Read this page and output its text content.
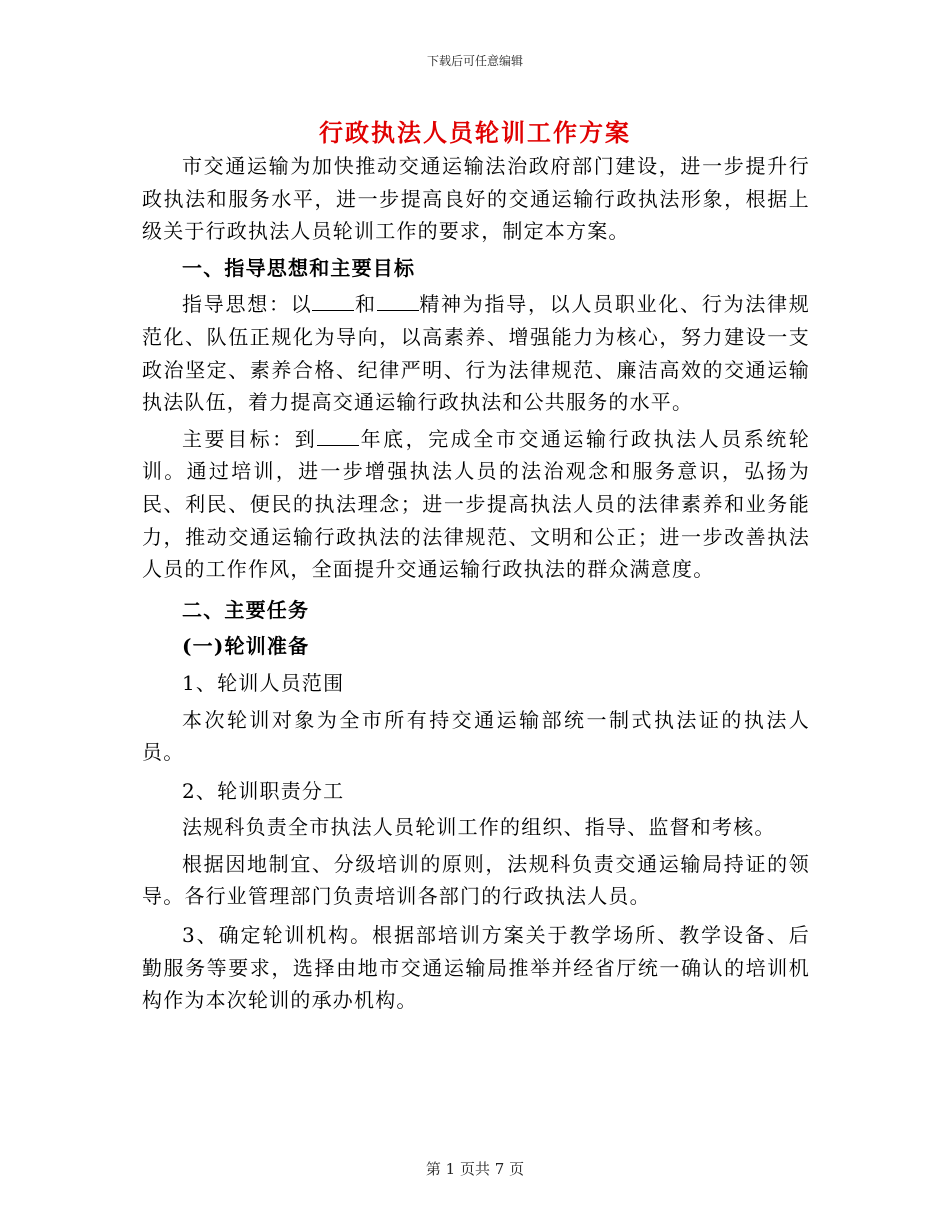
下载后可任意编辑
行政执法人员轮训工作方案

市交通运输为加快推动交通运输法治政府部门建设，进一步提升行政执法和服务水平，进一步提高良好的交通运输行政执法形象，根据上级关于行政执法人员轮训工作的要求，制定本方案。

一、指导思想和主要目标

指导思想：以 和 精神为指导，以人员职业化、行为法律规范化、队伍正规化为导向，以高素养、增强能力为核心，努力建设一支政治坚定、素养合格、纪律严明、行为法律规范、廉洁高效的交通运输执法队伍，着力提高交通运输行政执法和公共服务的水平。

主要目标：到 年底，完成全市交通运输行政执法人员系统轮训。通过培训，进一步增强执法人员的法治观念和服务意识，弘扬为民、利民、便民的执法理念；进一步提高执法人员的法律素养和业务能力，推动交通运输行政执法的法律规范、文明和公正；进一步改善执法人员的工作作风，全面提升交通运输行政执法的群众满意度。

二、主要任务

(一)轮训准备

1、轮训人员范围

本次轮训对象为全市所有持交通运输部统一制式执法证的执法人员。

2、轮训职责分工

法规科负责全市执法人员轮训工作的组织、指导、监督和考核。

根据因地制宜、分级培训的原则，法规科负责交通运输局持证的领导。各行业管理部门负责培训各部门的行政执法人员。

3、确定轮训机构。根据部培训方案关于教学场所、教学设备、后勤服务等要求，选择由地市交通运输局推举并经省厅统一确认的培训机构作为本次轮训的承办机构。

第 1 页共 7 页
